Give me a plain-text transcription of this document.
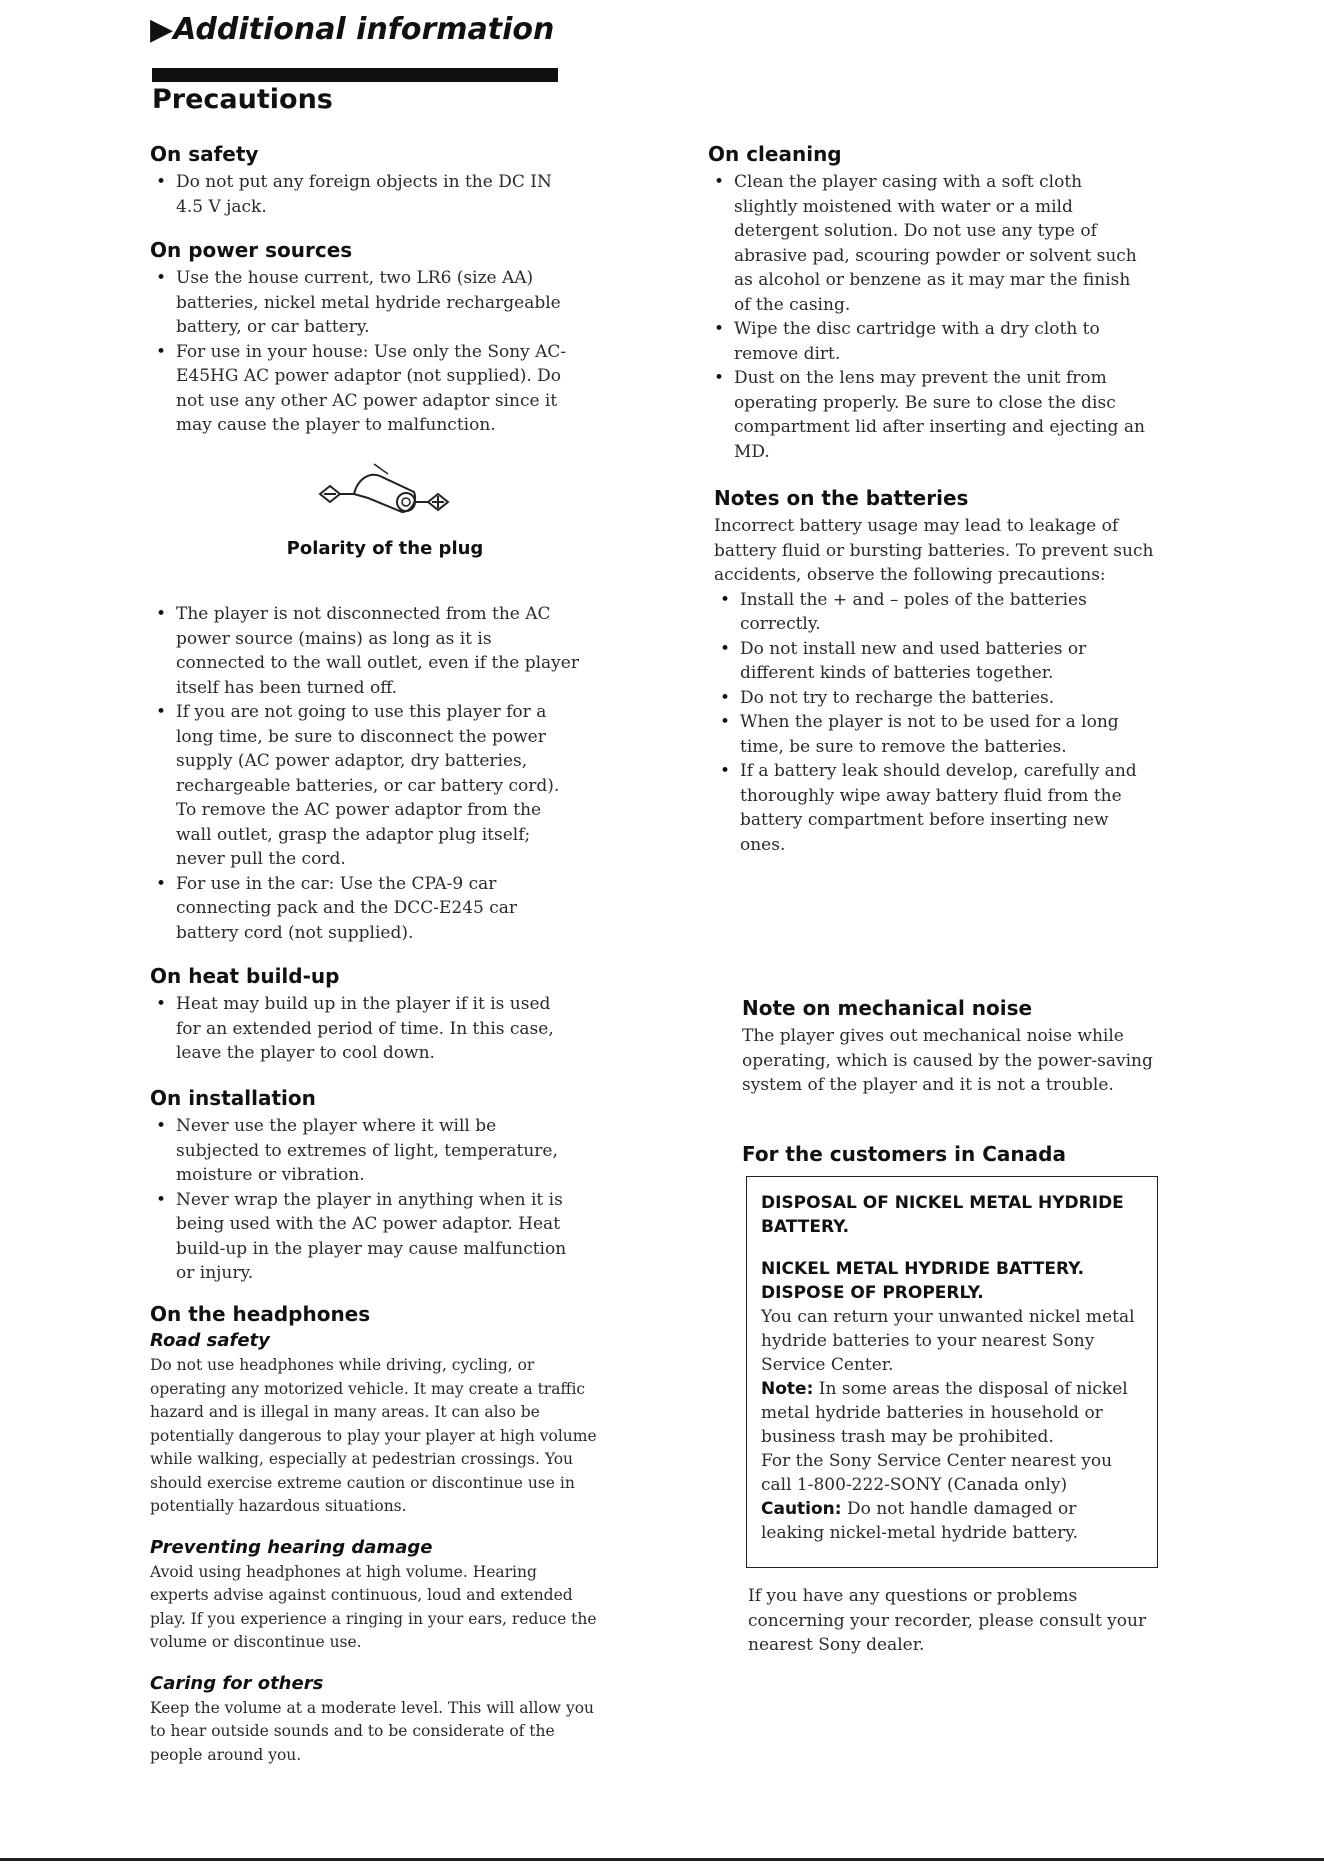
▶Additional information
Precautions
On safety
• Do not put any foreign objects in the DC IN 4.5 V jack.
On power sources
• Use the house current, two LR6 (size AA) batteries, nickel metal hydride rechargeable battery, or car battery.
• For use in your house: Use only the Sony AC-E45HG AC power adaptor (not supplied). Do not use any other AC power adaptor since it may cause the player to malfunction.
Polarity of the plug
• The player is not disconnected from the AC power source (mains) as long as it is connected to the wall outlet, even if the player itself has been turned off.
• If you are not going to use this player for a long time, be sure to disconnect the power supply (AC power adaptor, dry batteries, rechargeable batteries, or car battery cord). To remove the AC power adaptor from the wall outlet, grasp the adaptor plug itself; never pull the cord.
• For use in the car: Use the CPA-9 car connecting pack and the DCC-E245 car battery cord (not supplied).
On heat build-up
• Heat may build up in the player if it is used for an extended period of time. In this case, leave the player to cool down.
On installation
• Never use the player where it will be subjected to extremes of light, temperature, moisture or vibration.
• Never wrap the player in anything when it is being used with the AC power adaptor. Heat build-up in the player may cause malfunction or injury.
On the headphones
Road safety

Do not use headphones while driving, cycling, or operating any motorized vehicle. It may create a traffic hazard and is illegal in many areas. It can also be potentially dangerous to play your player at high volume while walking, especially at pedestrian crossings. You should exercise extreme caution or discontinue use in potentially hazardous situations.

Preventing hearing damage

Avoid using headphones at high volume. Hearing experts advise against continuous, loud and extended play. If you experience a ringing in your ears, reduce the volume or discontinue use.

Caring for others

Keep the volume at a moderate level. This will allow you to hear outside sounds and to be considerate of the people around you.

On cleaning
• Clean the player casing with a soft cloth slightly moistened with water or a mild detergent solution. Do not use any type of abrasive pad, scouring powder or solvent such as alcohol or benzene as it may mar the finish of the casing.
• Wipe the disc cartridge with a dry cloth to remove dirt.
• Dust on the lens may prevent the unit from operating properly. Be sure to close the disc compartment lid after inserting and ejecting an MD.
Notes on the batteries

Incorrect battery usage may lead to leakage of battery fluid or bursting batteries. To prevent such accidents, observe the following precautions:

• Install the + and – poles of the batteries correctly.
• Do not install new and used batteries or different kinds of batteries together.
• Do not try to recharge the batteries.
• When the player is not to be used for a long time, be sure to remove the batteries.
• If a battery leak should develop, carefully and thoroughly wipe away battery fluid from the battery compartment before inserting new ones.
Note on mechanical noise

The player gives out mechanical noise while operating, which is caused by the power-saving system of the player and it is not a trouble.

For the customers in Canada
DISPOSAL OF NICKEL METAL HYDRIDE BATTERY.
NICKEL METAL HYDRIDE BATTERY. DISPOSE OF PROPERLY.

You can return your unwanted nickel metal hydride batteries to your nearest Sony Service Center.

Note: In some areas the disposal of nickel metal hydride batteries in household or business trash may be prohibited.

For the Sony Service Center nearest you call 1-800-222-SONY (Canada only)

Caution: Do not handle damaged or leaking nickel-metal hydride battery.

If you have any questions or problems concerning your recorder, please consult your nearest Sony dealer.
